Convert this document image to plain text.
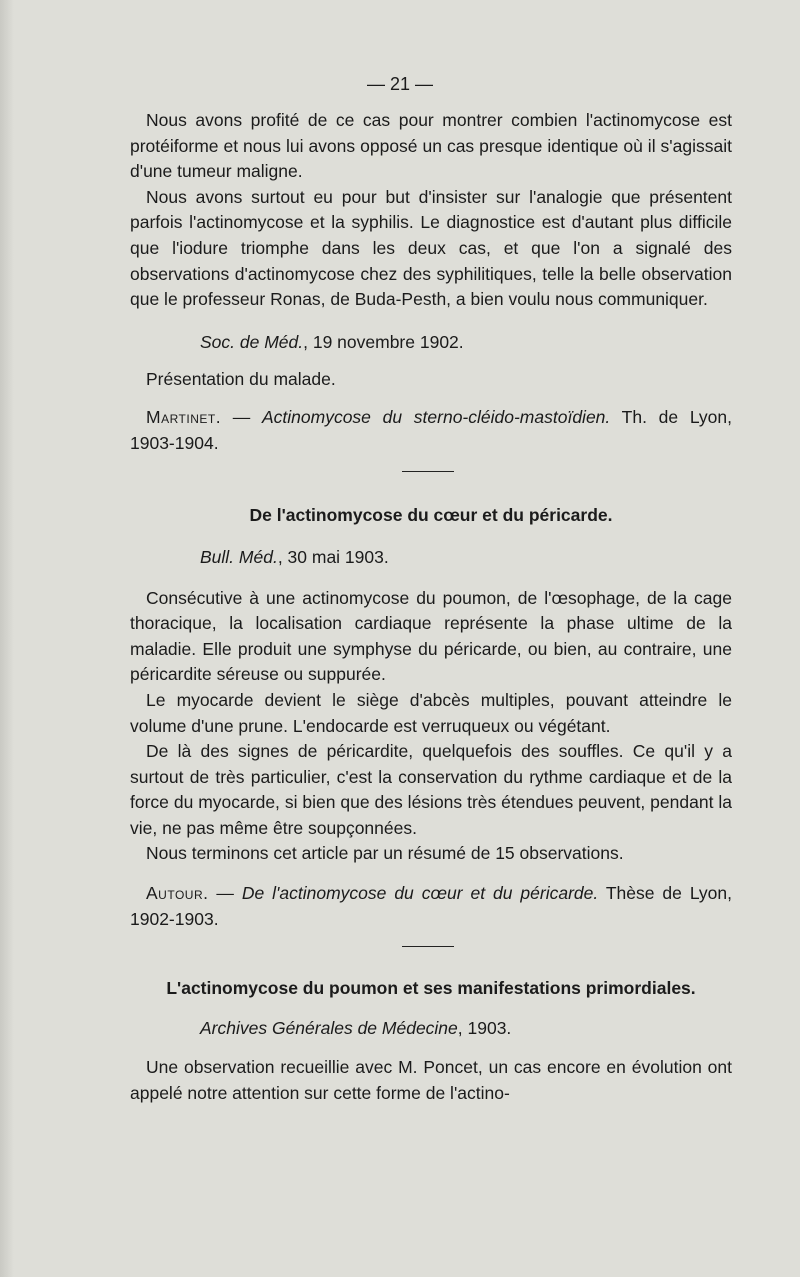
— 21 —

Nous avons profité de ce cas pour montrer combien l'actinomycose est protéiforme et nous lui avons opposé un cas presque identique où il s'agissait d'une tumeur maligne.

Nous avons surtout eu pour but d'insister sur l'analogie que présentent parfois l'actinomycose et la syphilis. Le diagnostice est d'autant plus difficile que l'iodure triomphe dans les deux cas, et que l'on a signalé des observations d'actinomycose chez des syphilitiques, telle la belle observation que le professeur Ronas, de Buda-Pesth, a bien voulu nous communiquer.

Soc. de Méd., 19 novembre 1902.

Présentation du malade.

Martinet. — Actinomycose du sterno-cléido-mastoïdien. Th. de Lyon, 1903-1904.

De l'actinomycose du cœur et du péricarde.

Bull. Méd., 30 mai 1903.

Consécutive à une actinomycose du poumon, de l'œsophage, de la cage thoracique, la localisation cardiaque représente la phase ultime de la maladie. Elle produit une symphyse du péricarde, ou bien, au contraire, une péricardite séreuse ou suppurée.

Le myocarde devient le siège d'abcès multiples, pouvant atteindre le volume d'une prune. L'endocarde est verruqueux ou végétant.

De là des signes de péricardite, quelquefois des souffles. Ce qu'il y a surtout de très particulier, c'est la conservation du rythme cardiaque et de la force du myocarde, si bien que des lésions très étendues peuvent, pendant la vie, ne pas même être soupçonnées.

Nous terminons cet article par un résumé de 15 observations.

Autour. — De l'actinomycose du cœur et du péricarde. Thèse de Lyon, 1902-1903.

L'actinomycose du poumon et ses manifestations primordiales.

Archives Générales de Médecine, 1903.

Une observation recueillie avec M. Poncet, un cas encore en évolution ont appelé notre attention sur cette forme de l'actino-
